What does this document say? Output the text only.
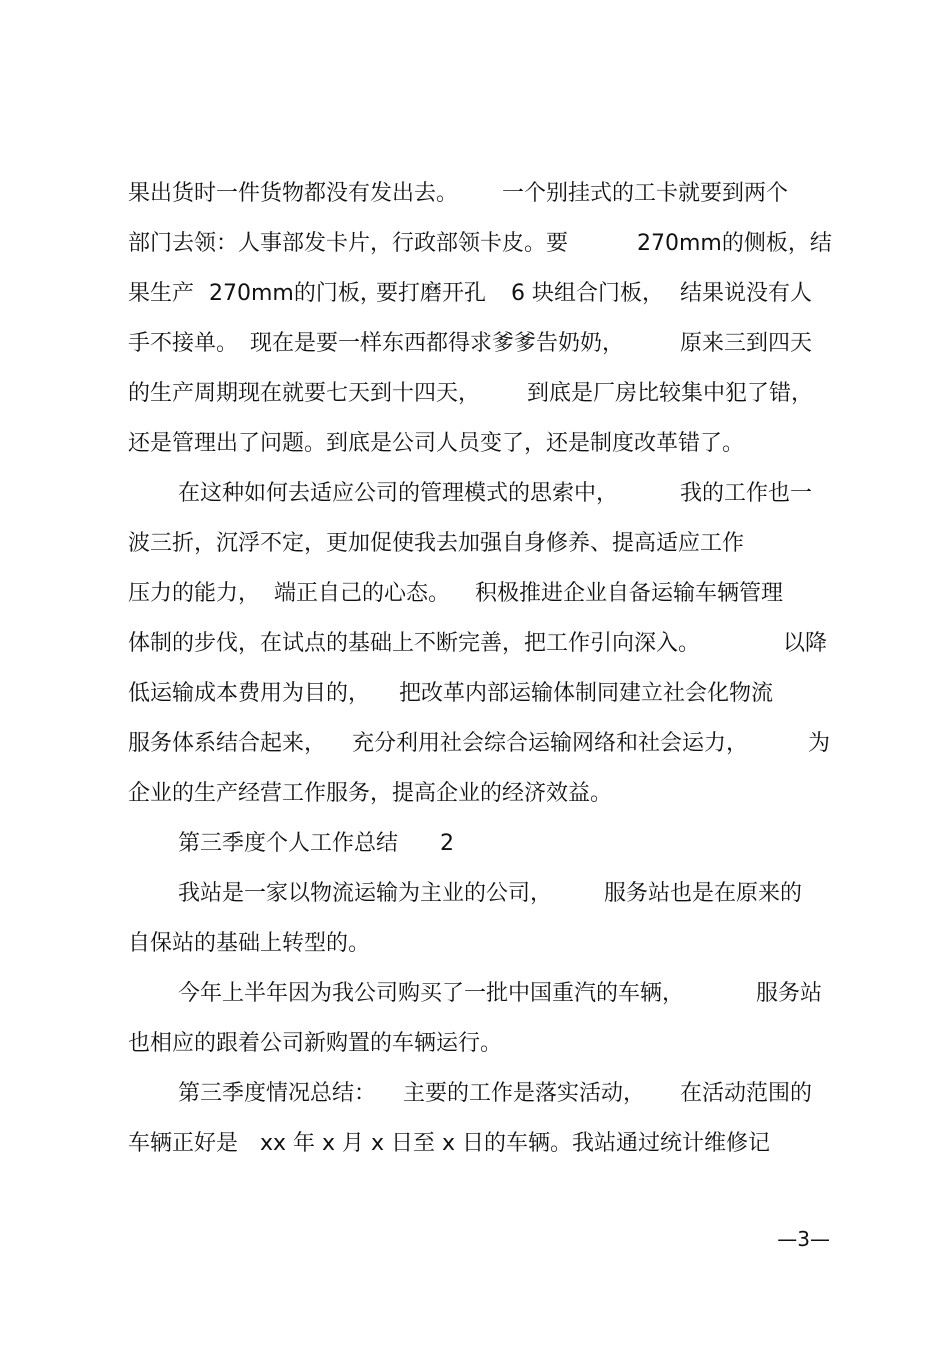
果出货时一件货物都没有发出去。

一个别挂式的工卡就要到两个

部门去领：人事部发卡片，行政部领卡皮。要

	270mm的侧板，结

果生产

270mm的门板，

要打磨开孔

6 块组合门板，

结果说没有人

手不接单。

现在是要一样东西都得求爹爹告奶奶，

	原来三到四天

的生产周期现在就要七天到十四天，

到底是厂房比较集中犯了错，

还是管理出了问题。到底是公司人员变了，还是制度改革错了。

在这种如何去适应公司的管理模式的思索中，

	我的工作也一

波三折，沉浮不定，更加促使我去加强自身修养、提高适应工作

压力的能力，

端正自己的心态。

积极推进企业自备运输车辆管理

体制的步伐，在试点的基础上不断完善，把工作引向深入。

	以降

低运输成本费用为目的，

把改革内部运输体制同建立社会化物流

服务体系结合起来，

充分利用社会综合运输网络和社会运力，

	为

企业的生产经营工作服务，提高企业的经济效益。

第三季度个人工作总结

2

我站是一家以物流运输为主业的公司，

服务站也是在原来的

自保站的基础上转型的。

今年上半年因为我公司购买了一批中国重汽的车辆，

	服务站

也相应的跟着公司新购置的车辆运行。

第三季度情况总结：

主要的工作是落实活动，

在活动范围的

车辆正好是

xx 年 x 月 x 日至 x 日的车辆。我站通过统计维修记

—3—
